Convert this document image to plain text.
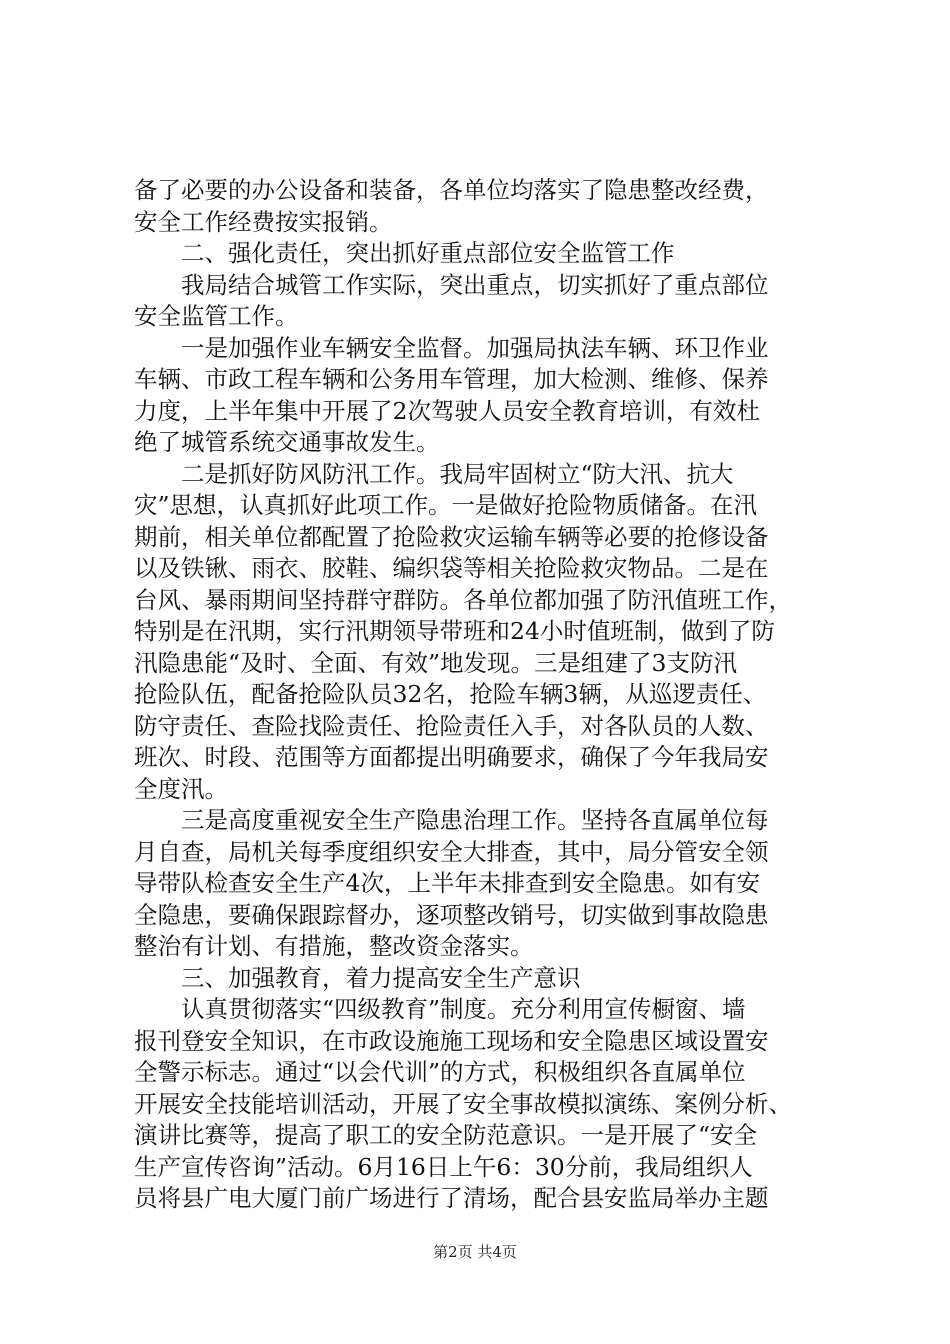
备了必要的办公设备和装备，各单位均落实了隐患整改经费，
安全工作经费按实报销。
　　二、强化责任，突出抓好重点部位安全监管工作
　　我局结合城管工作实际，突出重点，切实抓好了重点部位
安全监管工作。
　　一是加强作业车辆安全监督。加强局执法车辆、环卫作业
车辆、市政工程车辆和公务用车管理，加大检测、维修、保养
力度，上半年集中开展了2次驾驶人员安全教育培训，有效杜
绝了城管系统交通事故发生。
　　二是抓好防风防汛工作。我局牢固树立“防大汛、抗大
灾”思想，认真抓好此项工作。一是做好抢险物质储备。在汛
期前，相关单位都配置了抢险救灾运输车辆等必要的抢修设备
以及铁锹、雨衣、胶鞋、编织袋等相关抢险救灾物品。二是在
台风、暴雨期间坚持群守群防。各单位都加强了防汛值班工作，
特别是在汛期，实行汛期领导带班和24小时值班制，做到了防
汛隐患能“及时、全面、有效”地发现。三是组建了3支防汛
抢险队伍，配备抢险队员32名，抢险车辆3辆，从巡逻责任、
防守责任、查险找险责任、抢险责任入手，对各队员的人数、
班次、时段、范围等方面都提出明确要求，确保了今年我局安
全度汛。
　　三是高度重视安全生产隐患治理工作。坚持各直属单位每
月自查，局机关每季度组织安全大排查，其中，局分管安全领
导带队检查安全生产4次，上半年未排查到安全隐患。如有安
全隐患，要确保跟踪督办，逐项整改销号，切实做到事故隐患
整治有计划、有措施，整改资金落实。
　　三、加强教育，着力提高安全生产意识
　　认真贯彻落实“四级教育”制度。充分利用宣传橱窗、墙
报刊登安全知识，在市政设施施工现场和安全隐患区域设置安
全警示标志。通过“以会代训”的方式，积极组织各直属单位
开展安全技能培训活动，开展了安全事故模拟演练、案例分析、
演讲比赛等，提高了职工的安全防范意识。一是开展了“安全
生产宣传咨询”活动。6月16日上午6：30分前，我局组织人
员将县广电大厦门前广场进行了清场，配合县安监局举办主题
第2页 共4页
